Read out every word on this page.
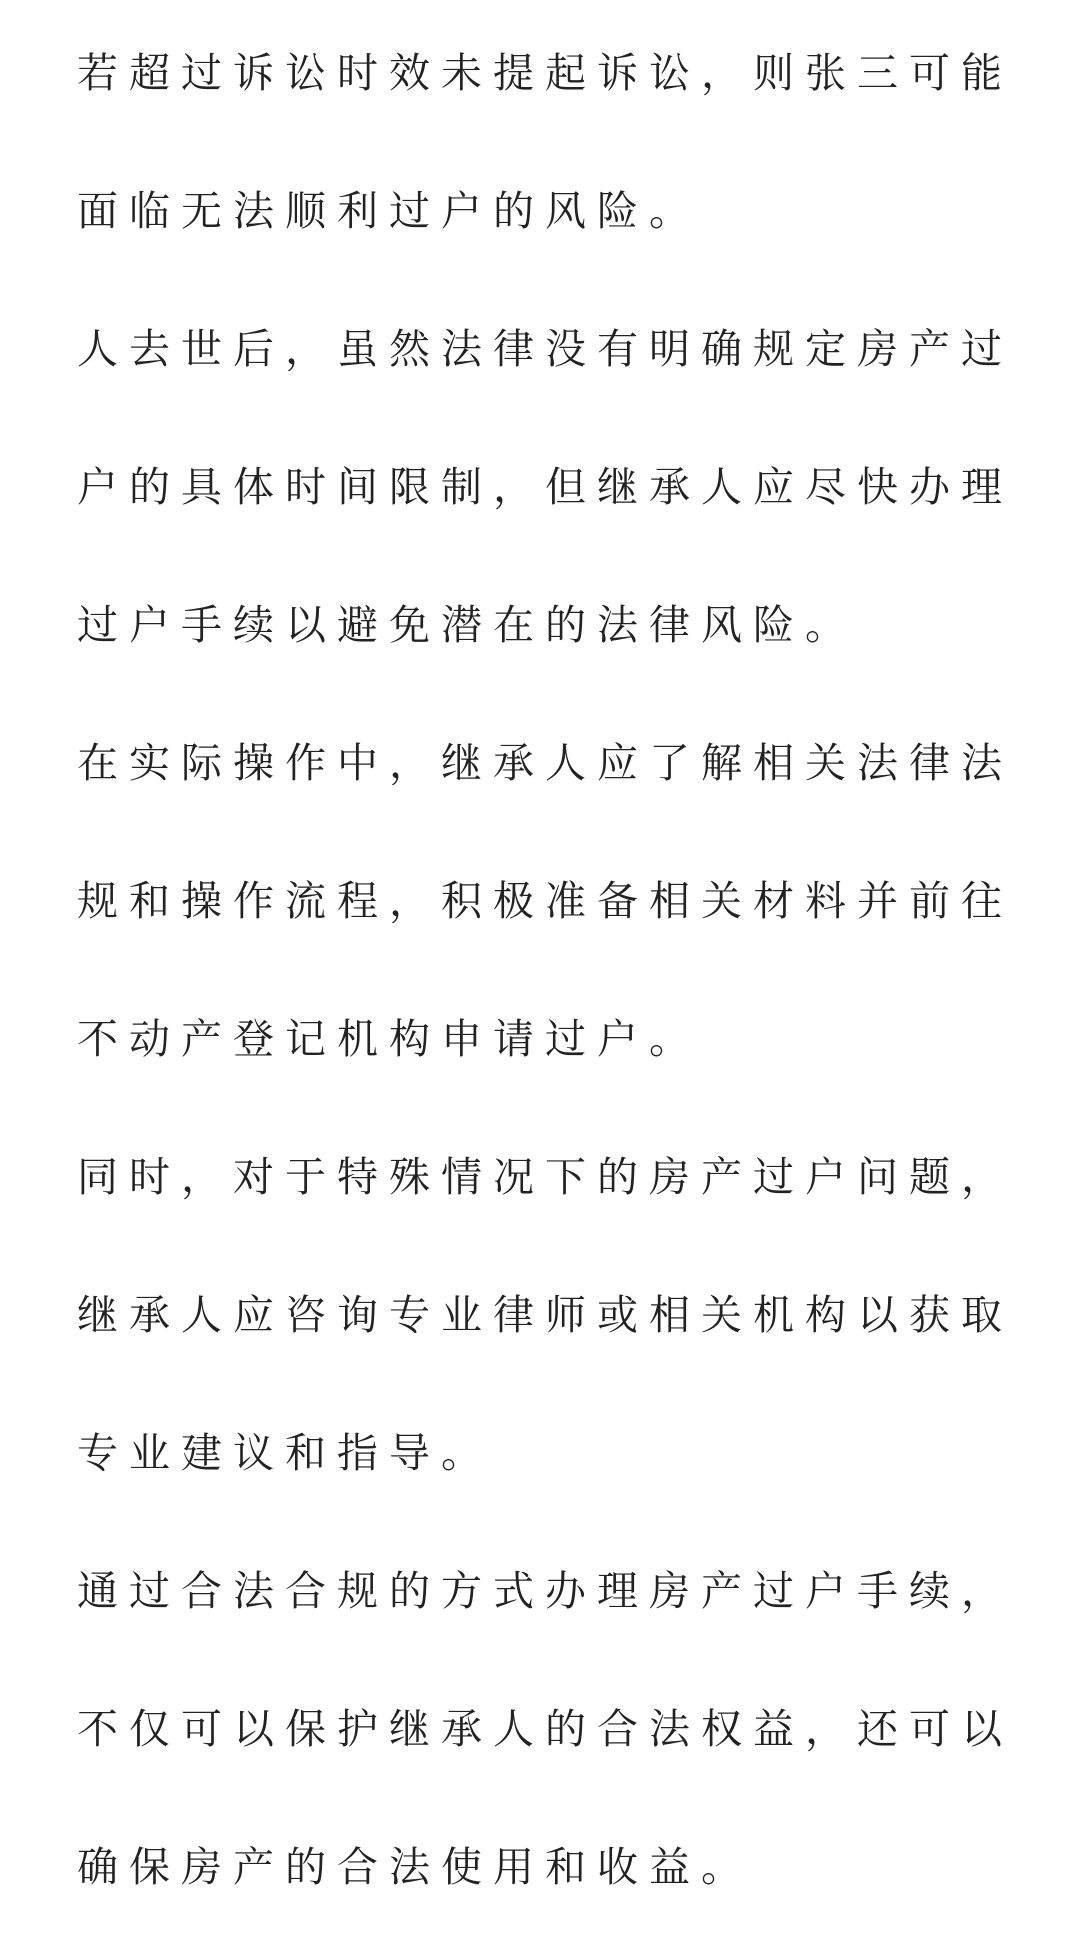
若超过诉讼时效未提起诉讼，则张三可能面临无法顺利过户的风险。

人去世后，虽然法律没有明确规定房产过户的具体时间限制，但继承人应尽快办理过户手续以避免潜在的法律风险。

在实际操作中，继承人应了解相关法律法规和操作流程，积极准备相关材料并前往不动产登记机构申请过户。

同时，对于特殊情况下的房产过户问题，继承人应咨询专业律师或相关机构以获取专业建议和指导。

通过合法合规的方式办理房产过户手续，不仅可以保护继承人的合法权益，还可以确保房产的合法使用和收益。
